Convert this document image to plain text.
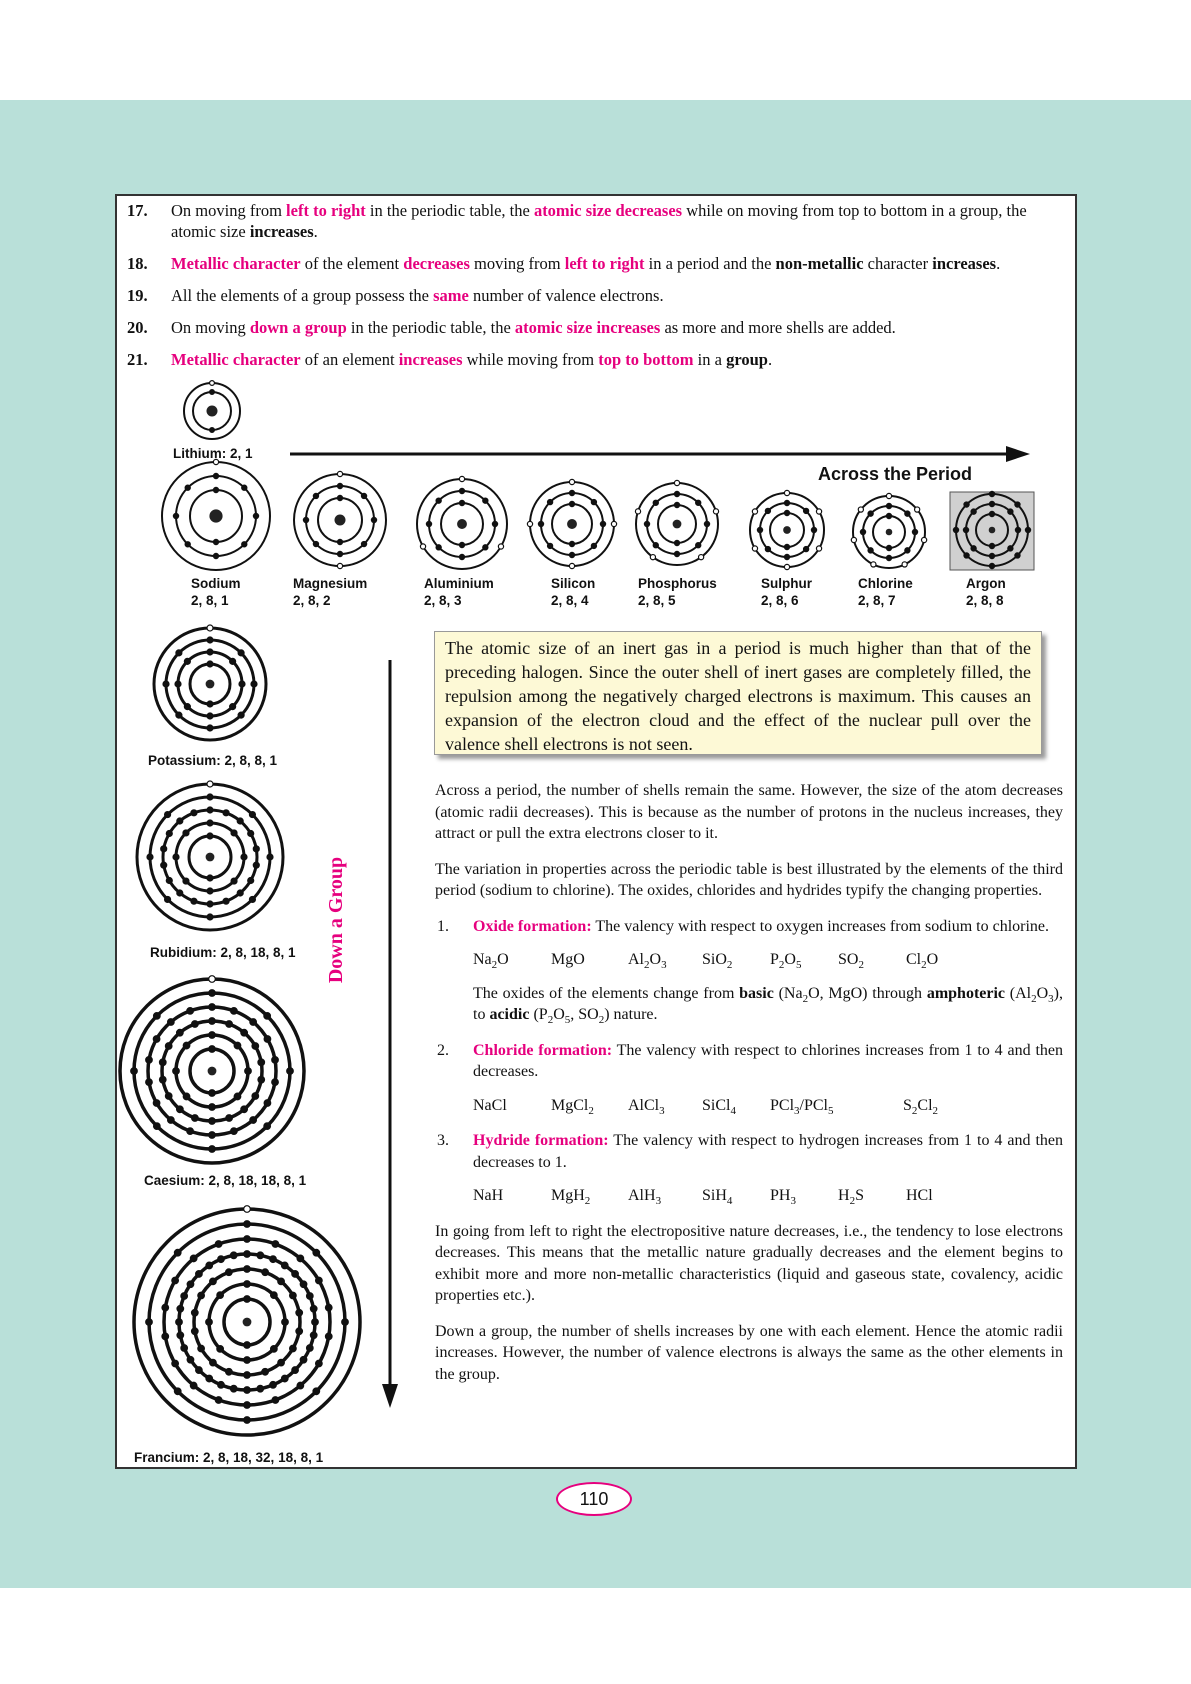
17. On moving from left to right in the periodic table, the atomic size decreases while on moving from top to bottom in a group, the atomic size increases.
18. Metallic character of the element decreases moving from left to right in a period and the non-metallic character increases.
19. All the elements of a group possess the same number of valence electrons.
20. On moving down a group in the periodic table, the atomic size increases as more and more shells are added.
21. Metallic character of an element increases while moving from top to bottom in a group.
Across the Period
Down a Group
Lithium: 2, 1
Sodium
2, 8, 1
Magnesium
2, 8, 2
Aluminium
2, 8, 3
Silicon
2, 8, 4
Phosphorus
2, 8, 5
Sulphur
2, 8, 6
Chlorine
2, 8, 7
Argon
2, 8, 8
Potassium: 2, 8, 8, 1
Rubidium: 2, 8, 18, 8, 1
Caesium: 2, 8, 18, 18, 8, 1
Francium: 2, 8, 18, 32, 18, 8, 1
The atomic size of an inert gas in a period is much higher than that of the preceding halogen. Since the outer shell of inert gases are completely filled, the repulsion among the negatively charged electrons is maximum. This causes an expansion of the electron cloud and the effect of the nuclear pull over the valence shell electrons is not seen.

Across a period, the number of shells remain the same. However, the size of the atom decreases (atomic radii decreases). This is because as the number of protons in the nucleus increases, they attract or pull the extra electrons closer to it.

The variation in properties across the periodic table is best illustrated by the elements of the third period (sodium to chlorine). The oxides, chlorides and hydrides typify the changing properties.

1. Oxide formation: The valency with respect to oxygen increases from sodium to chlorine.
$Na_2O$	MgO	$Al_2O_3$	SiO$_2$	$P_2O_5$	$SO_2$	$Cl_2O$
The oxides of the elements change from basic ($Na_2O$, MgO) through amphoteric $(Al_2O_3)$, to acidic ($P_2O_5$, $SO_2$) nature.
2. Chloride formation: The valency with respect to chlorines increases from 1 to 4 and then decreases.
NaCl	MgCl$_2$	AlCl$_3$	SiCl$_4$	PCl$_3$/PCl$_5$	$S_2Cl_2$
3. Hydride formation: The valency with respect to hydrogen increases from 1 to 4 and then decreases to 1.
NaH	MgH$_2$	AlH$_3$	SiH$_4$	$PH_3$	$H_2S$	HCl

In going from left to right the electropositive nature decreases, i.e., the tendency to lose electrons decreases. This means that the metallic nature gradually decreases and the element begins to exhibit more and more non-metallic characteristics (liquid and gaseous state, covalency, acidic properties etc.).

Down a group, the number of shells increases by one with each element. Hence the atomic radii increases. However, the number of valence electrons is always the same as the other elements in the group.

110
